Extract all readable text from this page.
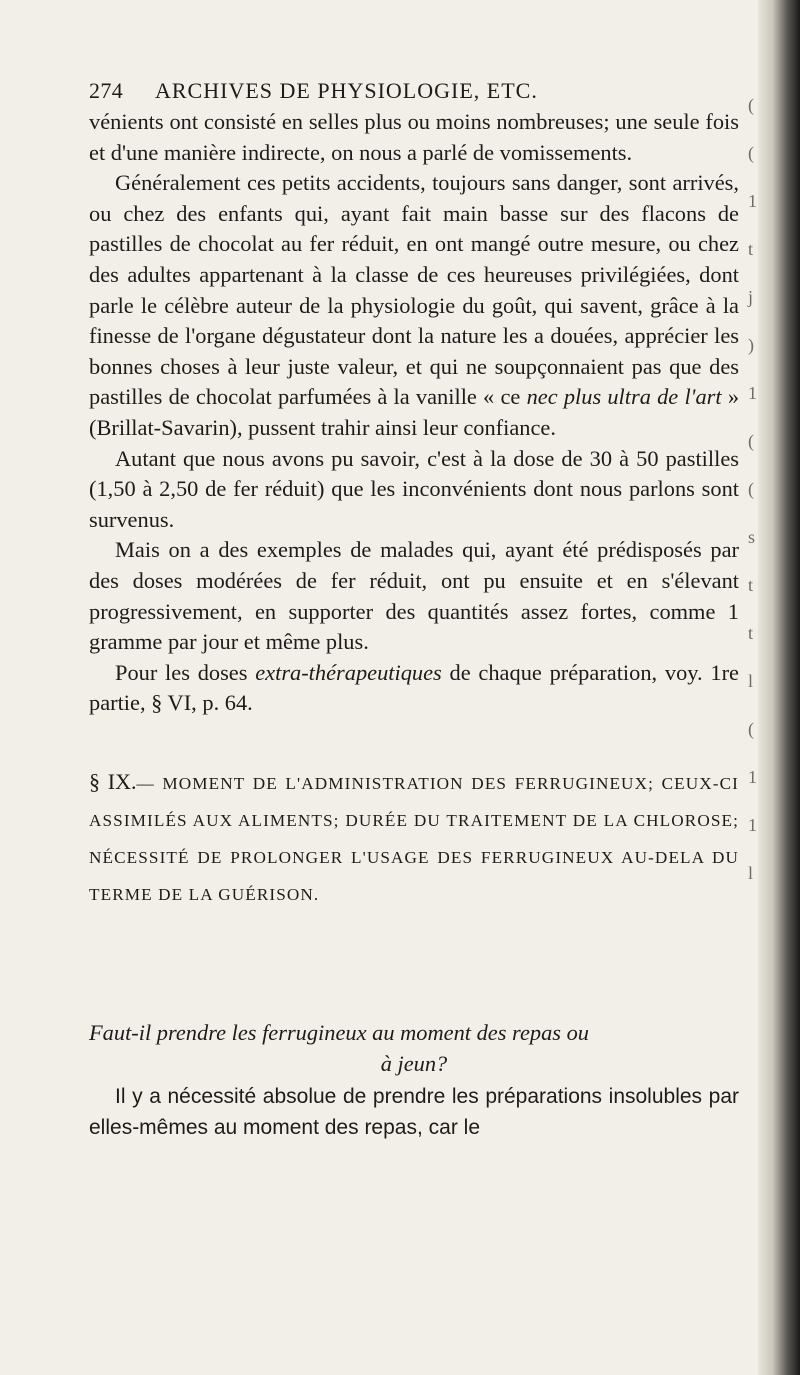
274 ARCHIVES DE PHYSIOLOGIE, ETC.

vénients ont consisté en selles plus ou moins nombreuses; une seule fois et d'une manière indirecte, on nous a parlé de vomissements.

Généralement ces petits accidents, toujours sans danger, sont arrivés, ou chez des enfants qui, ayant fait main basse sur des flacons de pastilles de chocolat au fer réduit, en ont mangé outre mesure, ou chez des adultes appartenant à la classe de ces heureuses privilégiées, dont parle le célèbre auteur de la physiologie du goût, qui savent, grâce à la finesse de l'organe dégustateur dont la nature les a douées, apprécier les bonnes choses à leur juste valeur, et qui ne soupçonnaient pas que des pastilles de chocolat parfumées à la vanille « ce nec plus ultra de l'art » (Brillat-Savarin), pussent trahir ainsi leur confiance.

Autant que nous avons pu savoir, c'est à la dose de 30 à 50 pastilles (1,50 à 2,50 de fer réduit) que les inconvénients dont nous parlons sont survenus.

Mais on a des exemples de malades qui, ayant été prédisposés par des doses modérées de fer réduit, ont pu ensuite et en s'élevant progressivement, en supporter des quantités assez fortes, comme 1 gramme par jour et même plus.

Pour les doses extra-thérapeutiques de chaque préparation, voy. 1re partie, § VI, p. 64.

§ IX.— MOMENT DE L'ADMINISTRATION DES FERRUGINEUX; CEUX-CI ASSIMILÉS AUX ALIMENTS; DURÉE DU TRAITEMENT DE LA CHLOROSE; NÉCESSITÉ DE PROLONGER L'USAGE DES FERRUGINEUX AU-DELA DU TERME DE LA GUÉRISON.
Faut-il prendre les ferrugineux au moment des repas ou
à jeun?

Il y a nécessité absolue de prendre les préparations insolubles par elles-mêmes au moment des repas, car le

(
(
1
t
j
)
1
(
(
s
t
t
l
(
1
1
l
